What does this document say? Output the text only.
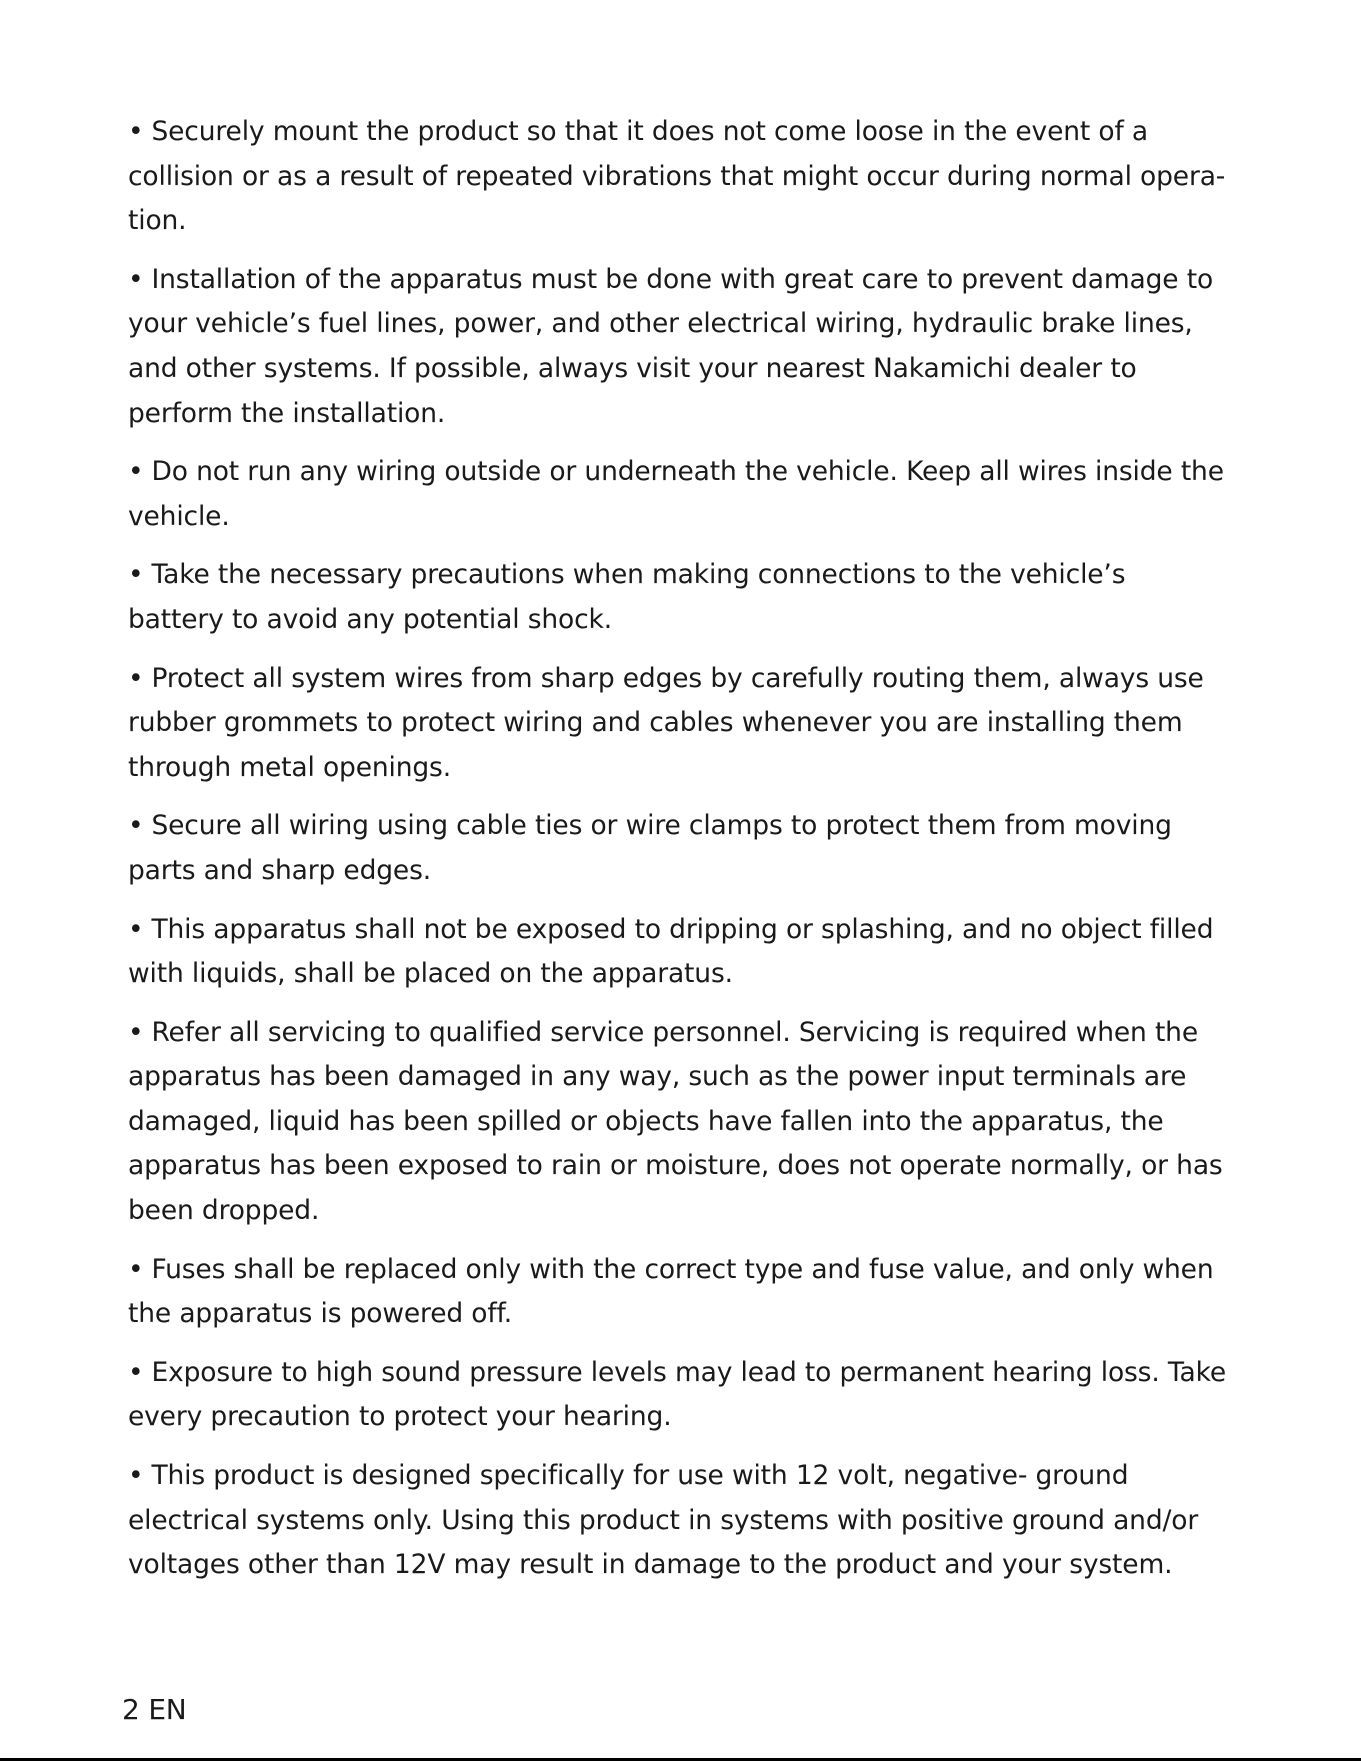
• Securely mount the product so that it does not come loose in the event of a collision or as a result of repeated vibrations that might occur during normal opera-tion.

• Installation of the apparatus must be done with great care to prevent damage to your vehicle’s fuel lines, power, and other electrical wiring, hydraulic brake lines, and other systems. If possible, always visit your nearest Nakamichi dealer to perform the installation.

• Do not run any wiring outside or underneath the vehicle. Keep all wires inside the vehicle.

• Take the necessary precautions when making connections to the vehicle’s battery to avoid any potential shock.

• Protect all system wires from sharp edges by carefully routing them, always use rubber grommets to protect wiring and cables whenever you are installing them through metal openings.

• Secure all wiring using cable ties or wire clamps to protect them from moving parts and sharp edges.

• This apparatus shall not be exposed to dripping or splashing, and no object filled with liquids, shall be placed on the apparatus.

• Refer all servicing to qualified service personnel. Servicing is required when the apparatus has been damaged in any way, such as the power input terminals are damaged, liquid has been spilled or objects have fallen into the apparatus, the apparatus has been exposed to rain or moisture, does not operate normally, or has been dropped.

• Fuses shall be replaced only with the correct type and fuse value, and only when the apparatus is powered off.

• Exposure to high sound pressure levels may lead to permanent hearing loss. Take every precaution to protect your hearing.

• This product is designed specifically for use with 12 volt, negative- ground electrical systems only. Using this product in systems with positive ground and/or voltages other than 12V may result in damage to the product and your system.

2 EN
